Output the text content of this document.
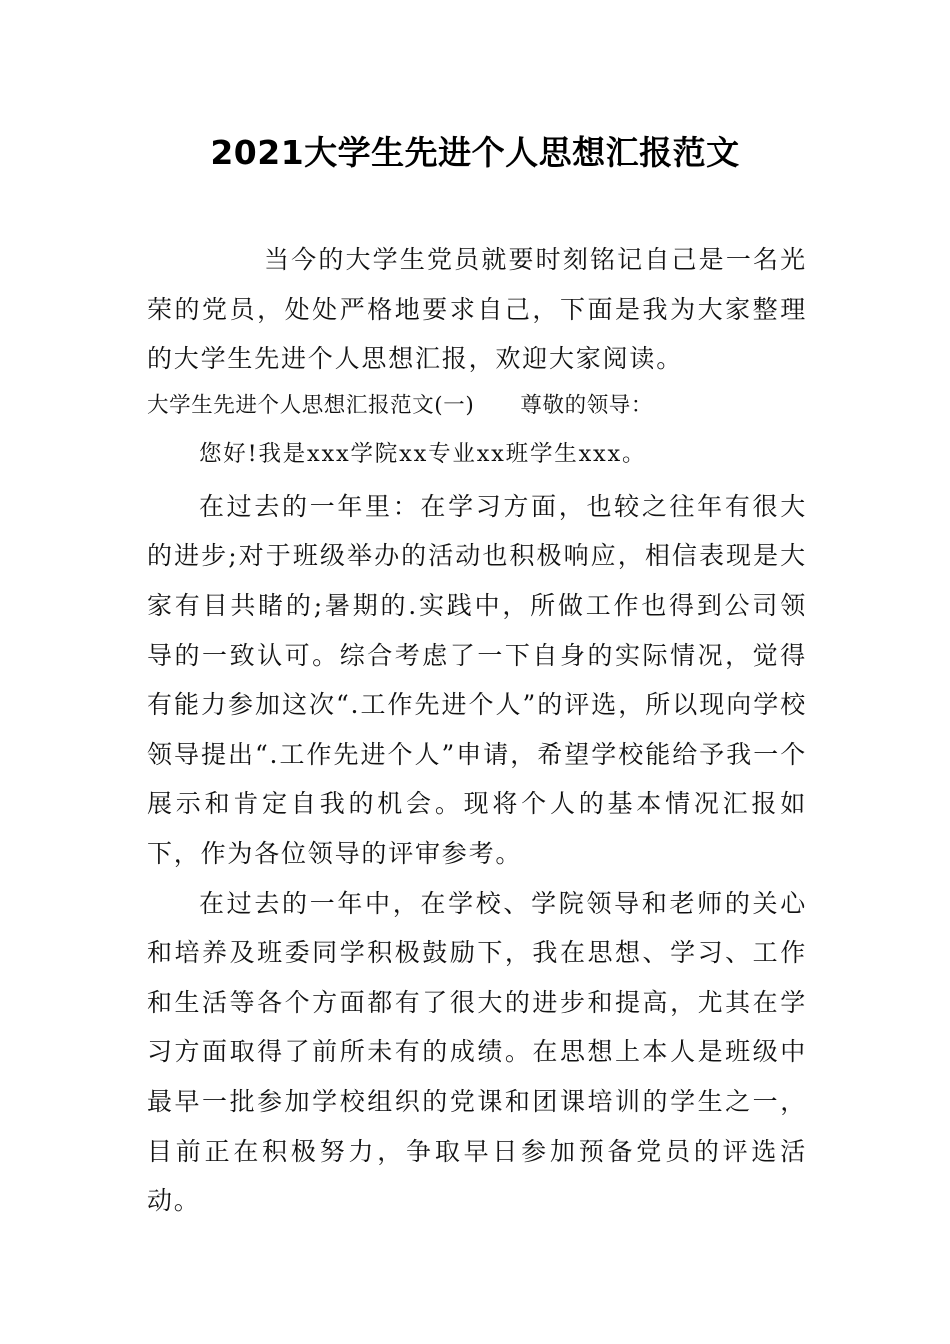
2021大学生先进个人思想汇报范文

当今的大学生党员就要时刻铭记自己是一名光荣的党员，处处严格地要求自己，下面是我为大家整理的大学生先进个人思想汇报，欢迎大家阅读。

大学生先进个人思想汇报范文(一) 尊敬的领导：

您好!我是xxx学院xx专业xx班学生xxx。

在过去的一年里：在学习方面，也较之往年有很大的进步;对于班级举办的活动也积极响应，相信表现是大家有目共睹的;暑期的.实践中，所做工作也得到公司领导的一致认可。综合考虑了一下自身的实际情况，觉得有能力参加这次“.工作先进个人”的评选，所以现向学校领导提出“.工作先进个人”申请，希望学校能给予我一个展示和肯定自我的机会。现将个人的基本情况汇报如下，作为各位领导的评审参考。

在过去的一年中，在学校、学院领导和老师的关心和培养及班委同学积极鼓励下，我在思想、学习、工作和生活等各个方面都有了很大的进步和提高，尤其在学习方面取得了前所未有的成绩。在思想上本人是班级中最早一批参加学校组织的党课和团课培训的学生之一，目前正在积极努力，争取早日参加预备党员的评选活动。
